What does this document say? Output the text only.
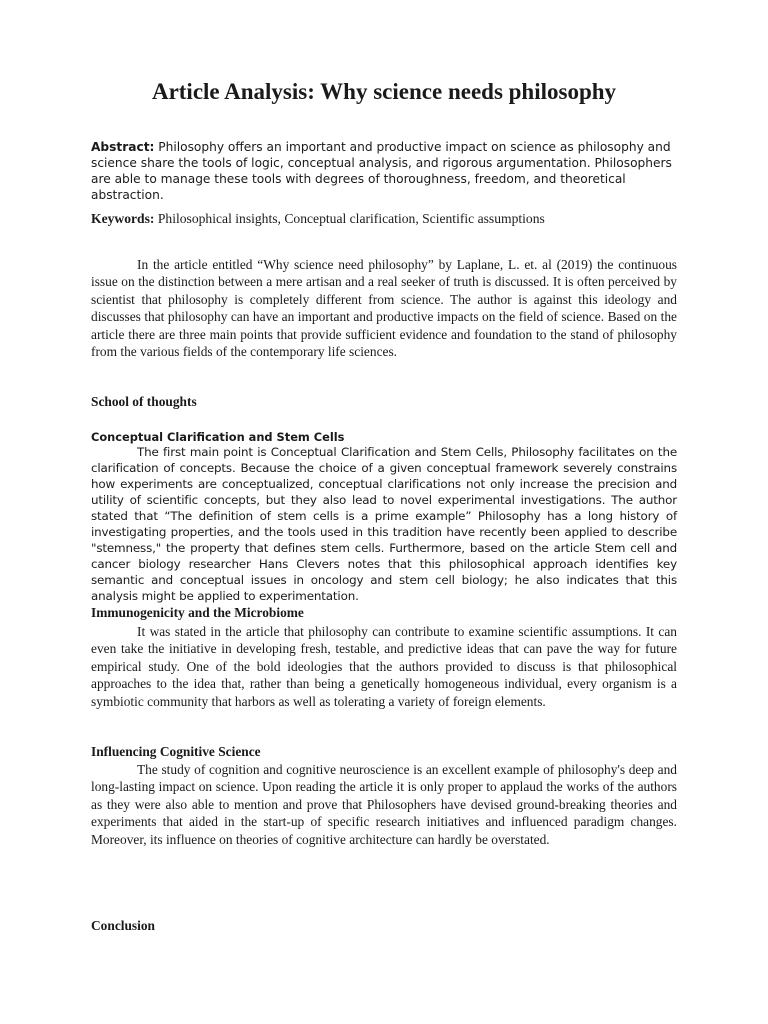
Article Analysis: Why science needs philosophy

Abstract: Philosophy offers an important and productive impact on science as philosophy and science share the tools of logic, conceptual analysis, and rigorous argumentation. Philosophers are able to manage these tools with degrees of thoroughness, freedom, and theoretical abstraction.

Keywords: Philosophical insights, Conceptual clarification, Scientific assumptions

In the article entitled “Why science need philosophy” by Laplane, L. et. al (2019) the continuous issue on the distinction between a mere artisan and a real seeker of truth is discussed. It is often perceived by scientist that philosophy is completely different from science. The author is against this ideology and discusses that philosophy can have an important and productive impacts on the field of science. Based on the article there are three main points that provide sufficient evidence and foundation to the stand of philosophy from the various fields of the contemporary life sciences.

School of thoughts

Conceptual Clarification and Stem Cells

The first main point is Conceptual Clarification and Stem Cells, Philosophy facilitates on the clarification of concepts. Because the choice of a given conceptual framework severely constrains how experiments are conceptualized, conceptual clarifications not only increase the precision and utility of scientific concepts, but they also lead to novel experimental investigations. The author stated that “The definition of stem cells is a prime example” Philosophy has a long history of investigating properties, and the tools used in this tradition have recently been applied to describe "stemness," the property that defines stem cells. Furthermore, based on the article Stem cell and cancer biology researcher Hans Clevers notes that this philosophical approach identifies key semantic and conceptual issues in oncology and stem cell biology; he also indicates that this analysis might be applied to experimentation.

Immunogenicity and the Microbiome

It was stated in the article that philosophy can contribute to examine scientific assumptions. It can even take the initiative in developing fresh, testable, and predictive ideas that can pave the way for future empirical study. One of the bold ideologies that the authors provided to discuss is that philosophical approaches to the idea that, rather than being a genetically homogeneous individual, every organism is a symbiotic community that harbors as well as tolerating a variety of foreign elements.

Influencing Cognitive Science

The study of cognition and cognitive neuroscience is an excellent example of philosophy's deep and long-lasting impact on science. Upon reading the article it is only proper to applaud the works of the authors as they were also able to mention and prove that Philosophers have devised ground-breaking theories and experiments that aided in the start-up of specific research initiatives and influenced paradigm changes. Moreover, its influence on theories of cognitive architecture can hardly be overstated.

Conclusion
